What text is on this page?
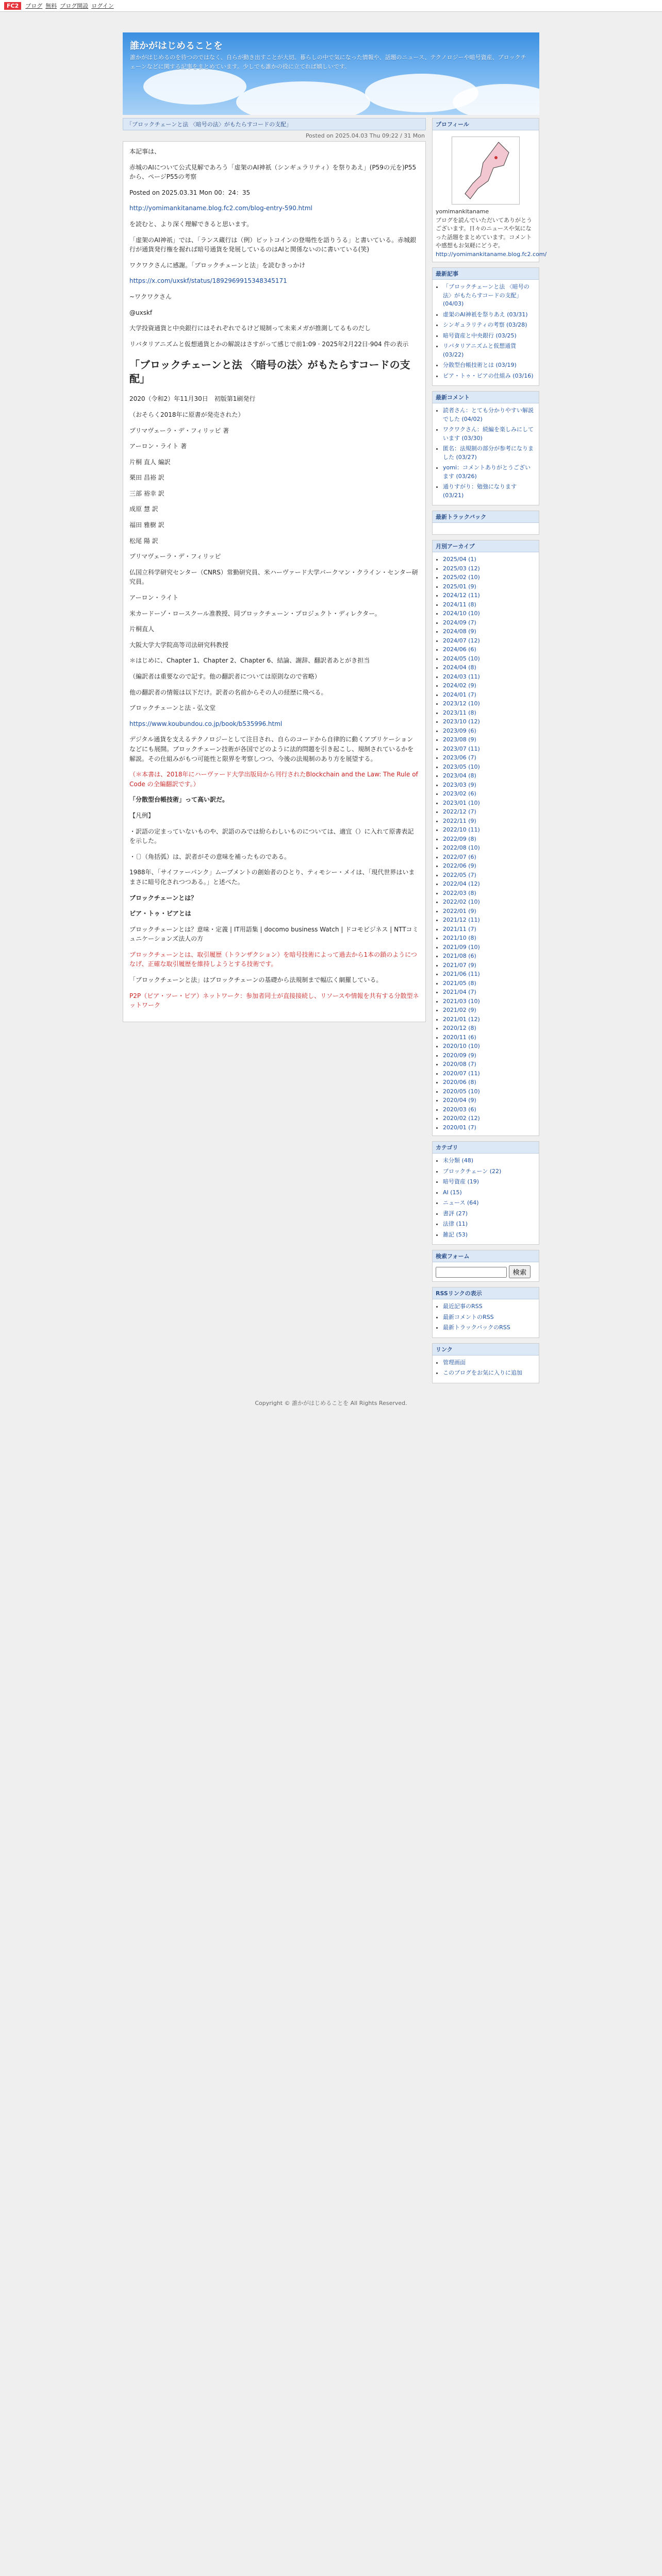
FC2	ブログ 無料 ブログ開設 ログイン
誰かがはじめることを
誰かがはじめるのを待つのではなく、自らが動き出すことが大切。暮らしの中で気になった情報や、話題のニュース、テクノロジーや暗号資産、ブロックチェーンなどに関する記事をまとめています。少しでも誰かの役に立てれば嬉しいです。
「ブロックチェーンと法 〈暗号の法〉がもたらすコードの支配」
Posted on 2025.04.03 Thu 09:22 / 31 Mon

本記事は、

赤城のAIについて公式見解であろう「虚架のAI神祇（シンギュラリティ）を祭りあえ」(P59の元を)P55から、ページP55の考察

Posted on 2025.03.31 Mon 00：24：35

http://yomimankitaname.blog.fc2.com/blog-entry-590.html

を読むと、より深く理解できると思います。

「虚架のAI神祇」では、「ランス蔵行は（例）ビットコインの登場性を語りうる」と書いている。赤城銀行が通貨発行権を握れば暗号通貨を発展しているのはAIと関係ないのに書いている(笑)

ワクワクさんに感謝。「ブロックチェーンと法」を読むきっかけ

https://x.com/uxskf/status/1892969915348345171

~ワクワクさん

@uxskf

大学投資通貨と中央銀行にはそれぞれでるけど規制って未来メガが推測してるものだし

リバタリアニズムと仮想通貨とかの解説はさすがって感じで前1:09 · 2025年2月22日·904 件の表示

「ブロックチェーンと法 〈暗号の法〉がもたらすコードの支配」

2020（令和2）年11月30日　初版第1刷発行

（おそらく2018年に原書が発売された）

プリマヴェーラ・デ・フィリッピ 著

アーロン・ライト 著

片桐 直人 編訳

栗田 昌裕 訳

三部 裕幸 訳

成原 慧 訳

福田 雅樹 訳

松尾 陽 訳

プリマヴェーラ・デ・フィリッピ

仏国立科学研究センター（CNRS）常勤研究員、米ハーヴァード大学バークマン・クライン・センター研究員。

アーロン・ライト

米カードーゾ・ロースクール准教授、同ブロックチェーン・プロジェクト・ディレクター。

片桐直人

大阪大学大学院高等司法研究科教授

＊はじめに、Chapter 1、Chapter 2、Chapter 6、結論、謝辞、翻訳者あとがき担当

（編訳者は重要なので記す。他の翻訳者については原則なので省略）

他の翻訳者の情報は以下だけ。訳者の名前からその人の経歴に飛べる。

ブロックチェーンと法 - 弘文堂

https://www.koubundou.co.jp/book/b535996.html

デジタル通貨を支えるテクノロジーとして注目され、自らのコードから自律的に動くアプリケーションなどにも展開。ブロックチェーン技術が各国でどのように法的問題を引き起こし、規制されているかを解説。その仕組みがもつ可能性と限界を考察しつつ、今後の法規制のあり方を展望する。

（＊本書は、2018年にハーヴァード大学出版局から刊行されたBlockchain and the Law: The Rule of Code の全編翻訳です。）

「分散型台帳技術」って高い訳だ。

【凡例】

・訳語の定まっていないものや、訳語のみでは紛らわしいものについては、適宜（）に入れて原書表記を示した。

・〔〕（角括弧）は、訳者がその意味を補ったものである。

1988年、「サイファーパンク」ムーブメントの創始者のひとり、ティモシー・メイは、「現代世界はいままさに暗号化されつつある。」と述べた。

ブロックチェーンとは？

ピア・トゥ・ピアとは

ブロックチェーンとは？意味・定義 | IT用語集 | docomo business Watch | ドコモビジネス | NTTコミュニケーションズ法人の方

ブロックチェーンとは、取引履歴（トランザクション）を暗号技術によって過去から1本の鎖のようにつなげ、正確な取引履歴を維持しようとする技術です。

「ブロックチェーンと法」はブロックチェーンの基礎から法規制まで幅広く網羅している。

P2P（ピア・ツー・ピア）ネットワーク：参加者同士が直接接続し、リソースや情報を共有する分散型ネットワーク

プロフィール
yomimankitaname
ブログを読んでいただいてありがとうございます。日々のニュースや気になった話題をまとめています。コメントや感想もお気軽にどうぞ。
http://yomimankitaname.blog.fc2.com/
最新記事
• 「ブロックチェーンと法 〈暗号の法〉がもたらすコードの支配」 (04/03)
• 虚架のAI神祇を祭りあえ (03/31)
• シンギュラリティの考察 (03/28)
• 暗号資産と中央銀行 (03/25)
• リバタリアニズムと仮想通貨 (03/22)
• 分散型台帳技術とは (03/19)
• ピア・トゥ・ピアの仕組み (03/16)
最新コメント
• 読者さん：とても分かりやすい解説でした (04/02)
• ワクワクさん：続編を楽しみにしています (03/30)
• 匿名：法規制の部分が参考になりました (03/27)
• yomi：コメントありがとうございます (03/26)
• 通りすがり：勉強になります (03/21)
最新トラックバック
月別アーカイブ
• 2025/04 (1)
• 2025/03 (12)
• 2025/02 (10)
• 2025/01 (9)
• 2024/12 (11)
• 2024/11 (8)
• 2024/10 (10)
• 2024/09 (7)
• 2024/08 (9)
• 2024/07 (12)
• 2024/06 (6)
• 2024/05 (10)
• 2024/04 (8)
• 2024/03 (11)
• 2024/02 (9)
• 2024/01 (7)
• 2023/12 (10)
• 2023/11 (8)
• 2023/10 (12)
• 2023/09 (6)
• 2023/08 (9)
• 2023/07 (11)
• 2023/06 (7)
• 2023/05 (10)
• 2023/04 (8)
• 2023/03 (9)
• 2023/02 (6)
• 2023/01 (10)
• 2022/12 (7)
• 2022/11 (9)
• 2022/10 (11)
• 2022/09 (8)
• 2022/08 (10)
• 2022/07 (6)
• 2022/06 (9)
• 2022/05 (7)
• 2022/04 (12)
• 2022/03 (8)
• 2022/02 (10)
• 2022/01 (9)
• 2021/12 (11)
• 2021/11 (7)
• 2021/10 (8)
• 2021/09 (10)
• 2021/08 (6)
• 2021/07 (9)
• 2021/06 (11)
• 2021/05 (8)
• 2021/04 (7)
• 2021/03 (10)
• 2021/02 (9)
• 2021/01 (12)
• 2020/12 (8)
• 2020/11 (6)
• 2020/10 (10)
• 2020/09 (9)
• 2020/08 (7)
• 2020/07 (11)
• 2020/06 (8)
• 2020/05 (10)
• 2020/04 (9)
• 2020/03 (6)
• 2020/02 (12)
• 2020/01 (7)
カテゴリ
• 未分類 (48)
• ブロックチェーン (22)
• 暗号資産 (19)
• AI (15)
• ニュース (64)
• 書評 (27)
• 法律 (11)
• 雑記 (53)
検索フォーム
検索
RSSリンクの表示
• 最近記事のRSS
• 最新コメントのRSS
• 最新トラックバックのRSS
リンク
• 管理画面
• このブログをお気に入りに追加
Copyright © 誰かがはじめることを All Rights Reserved.
